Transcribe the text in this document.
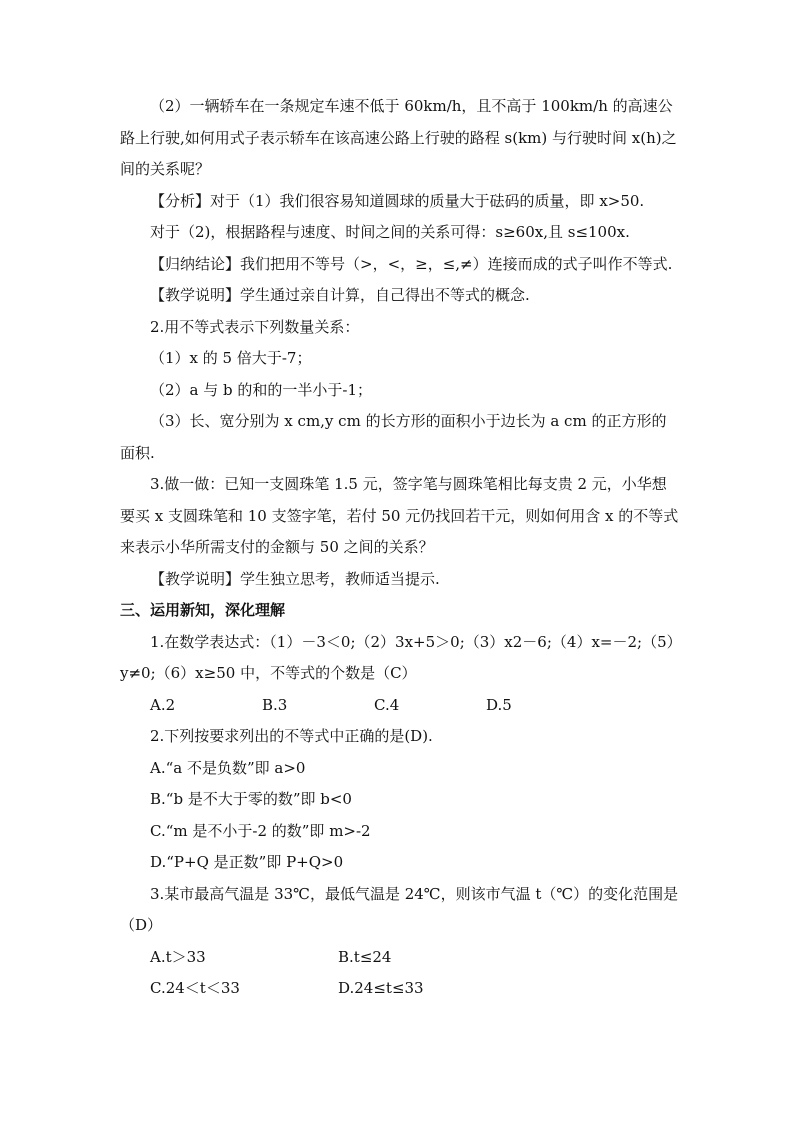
（2）一辆轿车在一条规定车速不低于 60km/h，且不高于 100km/h 的高速公路上行驶,如何用式子表示轿车在该高速公路上行驶的路程 s(km) 与行驶时间 x(h)之间的关系呢？

【分析】对于（1）我们很容易知道圆球的质量大于砝码的质量，即 x>50.

对于（2)，根据路程与速度、时间之间的关系可得：s≥60x,且 s≤100x.

【归纳结论】我们把用不等号（>，<，≥，≤,≠）连接而成的式子叫作不等式.

【教学说明】学生通过亲自计算，自己得出不等式的概念.

2.用不等式表示下列数量关系：

（1）x 的 5 倍大于-7；

（2）a 与 b 的和的一半小于-1；

（3）长、宽分别为 x cm,y cm 的长方形的面积小于边长为 a cm 的正方形的面积.

3.做一做：已知一支圆珠笔 1.5 元，签字笔与圆珠笔相比每支贵 2 元，小华想要买 x 支圆珠笔和 10 支签字笔，若付 50 元仍找回若干元，则如何用含 x 的不等式来表示小华所需支付的金额与 50 之间的关系？

【教学说明】学生独立思考，教师适当提示.

三、运用新知，深化理解

1.在数学表达式：（1）－3＜0;（2）3x+5＞0;（3）x2－6;（4）x=－2;（5）y≠0;（6）x≥50 中，不等式的个数是（C）

A.2	B.3	C.4	D.5

2.下列按要求列出的不等式中正确的是(D).

A.“a 不是负数”即 a>0

B.“b 是不大于零的数”即 b<0

C.“m 是不小于-2 的数”即 m>-2

D.“P+Q 是正数”即 P+Q>0

3.某市最高气温是 33℃，最低气温是 24℃，则该市气温 t（℃）的变化范围是（D）

A.t＞33	B.t≤24
C.24＜t＜33	D.24≤t≤33
